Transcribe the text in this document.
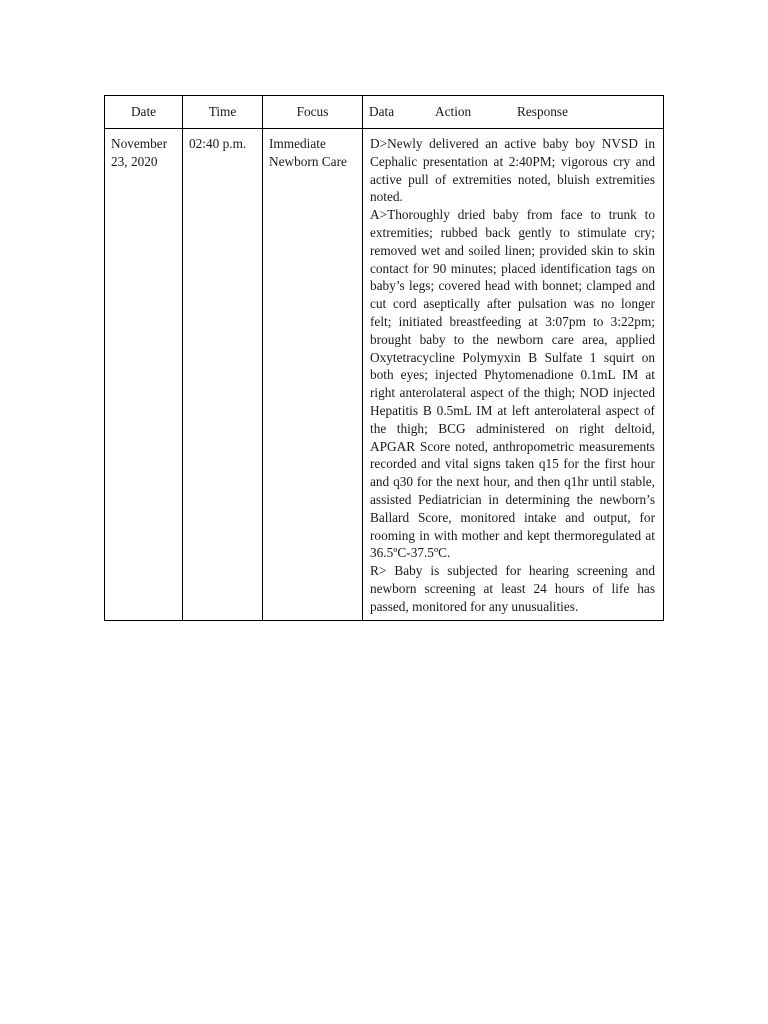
Date	Time	Focus	Data Action Response
November 23, 2020	02:40 p.m.	Immediate Newborn Care	D>Newly delivered an active baby boy NVSD in Cephalic presentation at 2:40PM; vigorous cry and active pull of extremities noted, bluish extremities noted.

A>Thoroughly dried baby from face to trunk to extremities; rubbed back gently to stimulate cry; removed wet and soiled linen; provided skin to skin contact for 90 minutes; placed identification tags on baby’s legs; covered head with bonnet; clamped and cut cord aseptically after pulsation was no longer felt; initiated breastfeeding at 3:07pm to 3:22pm; brought baby to the newborn care area, applied Oxytetracycline Polymyxin B Sulfate 1 squirt on both eyes; injected Phytomenadione 0.1mL IM at right anterolateral aspect of the thigh; NOD injected Hepatitis B 0.5mL IM at left anterolateral aspect of the thigh; BCG administered on right deltoid, APGAR Score noted, anthropometric measurements recorded and vital signs taken q15 for the first hour and q30 for the next hour, and then q1hr until stable, assisted Pediatrician in determining the newborn’s Ballard Score, monitored intake and output, for rooming in with mother and kept thermoregulated at 36.5ºC-37.5ºC.

R> Baby is subjected for hearing screening and newborn screening at least 24 hours of life has passed, monitored for any unusualities.
